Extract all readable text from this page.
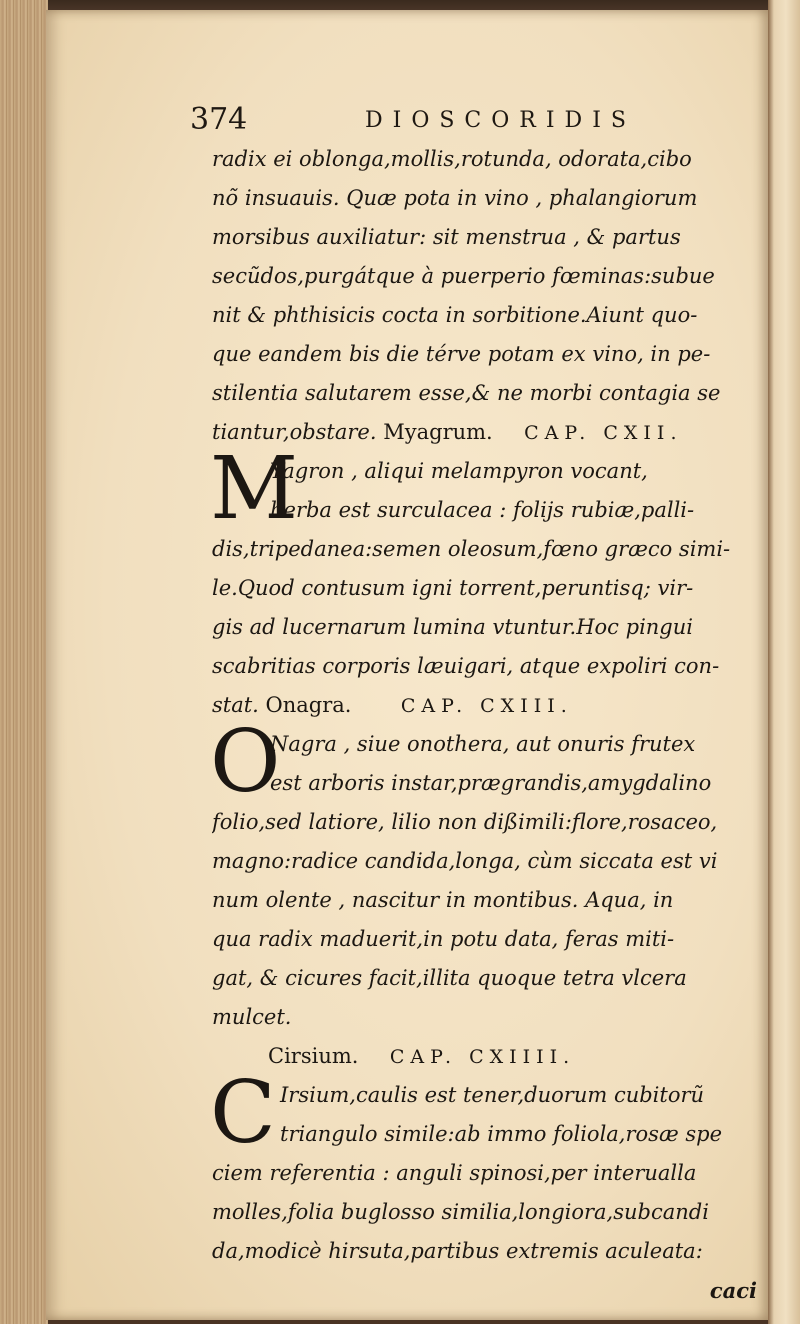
374	DIOSCORIDIS
radix ei oblonga,mollis,rotunda, odorata,cibo
nõ insuauis. Quæ pota in vino , phalangiorum
morsibus auxiliatur: sit menstrua , & partus
secũdos,purgátque à puerperio fœminas:subue
nit & phthisicis cocta in sorbitione.Aiunt quo-
que eandem bis die térve potam ex vino, in pe-
stilentia salutarem esse,& ne morbi contagia se
tiantur,obstare. Myagrum. CAP. CXII.
M
Yagron , aliqui melampyron vocant,
herba est surculacea : folijs rubiæ,palli-
dis,tripedanea:semen oleosum,fœno græco simi-
le.Quod contusum igni torrent,peruntisq; vir-
gis ad lucernarum lumina vtuntur.Hoc pingui
scabritias corporis læuigari, atque expoliri con-
stat. Onagra.	CAP. CXIII.
O
Nagra , siue onothera, aut onuris frutex
est arboris instar,prægrandis,amygdalino
folio,sed latiore, lilio non dißimili:flore,rosaceo,
magno:radice candida,longa, cùm siccata est vi
num olente , nascitur in montibus. Aqua, in
qua radix maduerit,in potu data, feras miti-
gat, & cicures facit,illita quoque tetra vlcera
mulcet.
Cirsium. CAP. CXIIII.
C Irsium,caulis est tener,duorum cubitorũ
triangulo simile:ab immo foliola,rosæ spe
ciem referentia : anguli spinosi,per interualla
molles,folia buglosso similia,longiora,subcandi
da,modicè hirsuta,partibus extremis aculeata:
caci
